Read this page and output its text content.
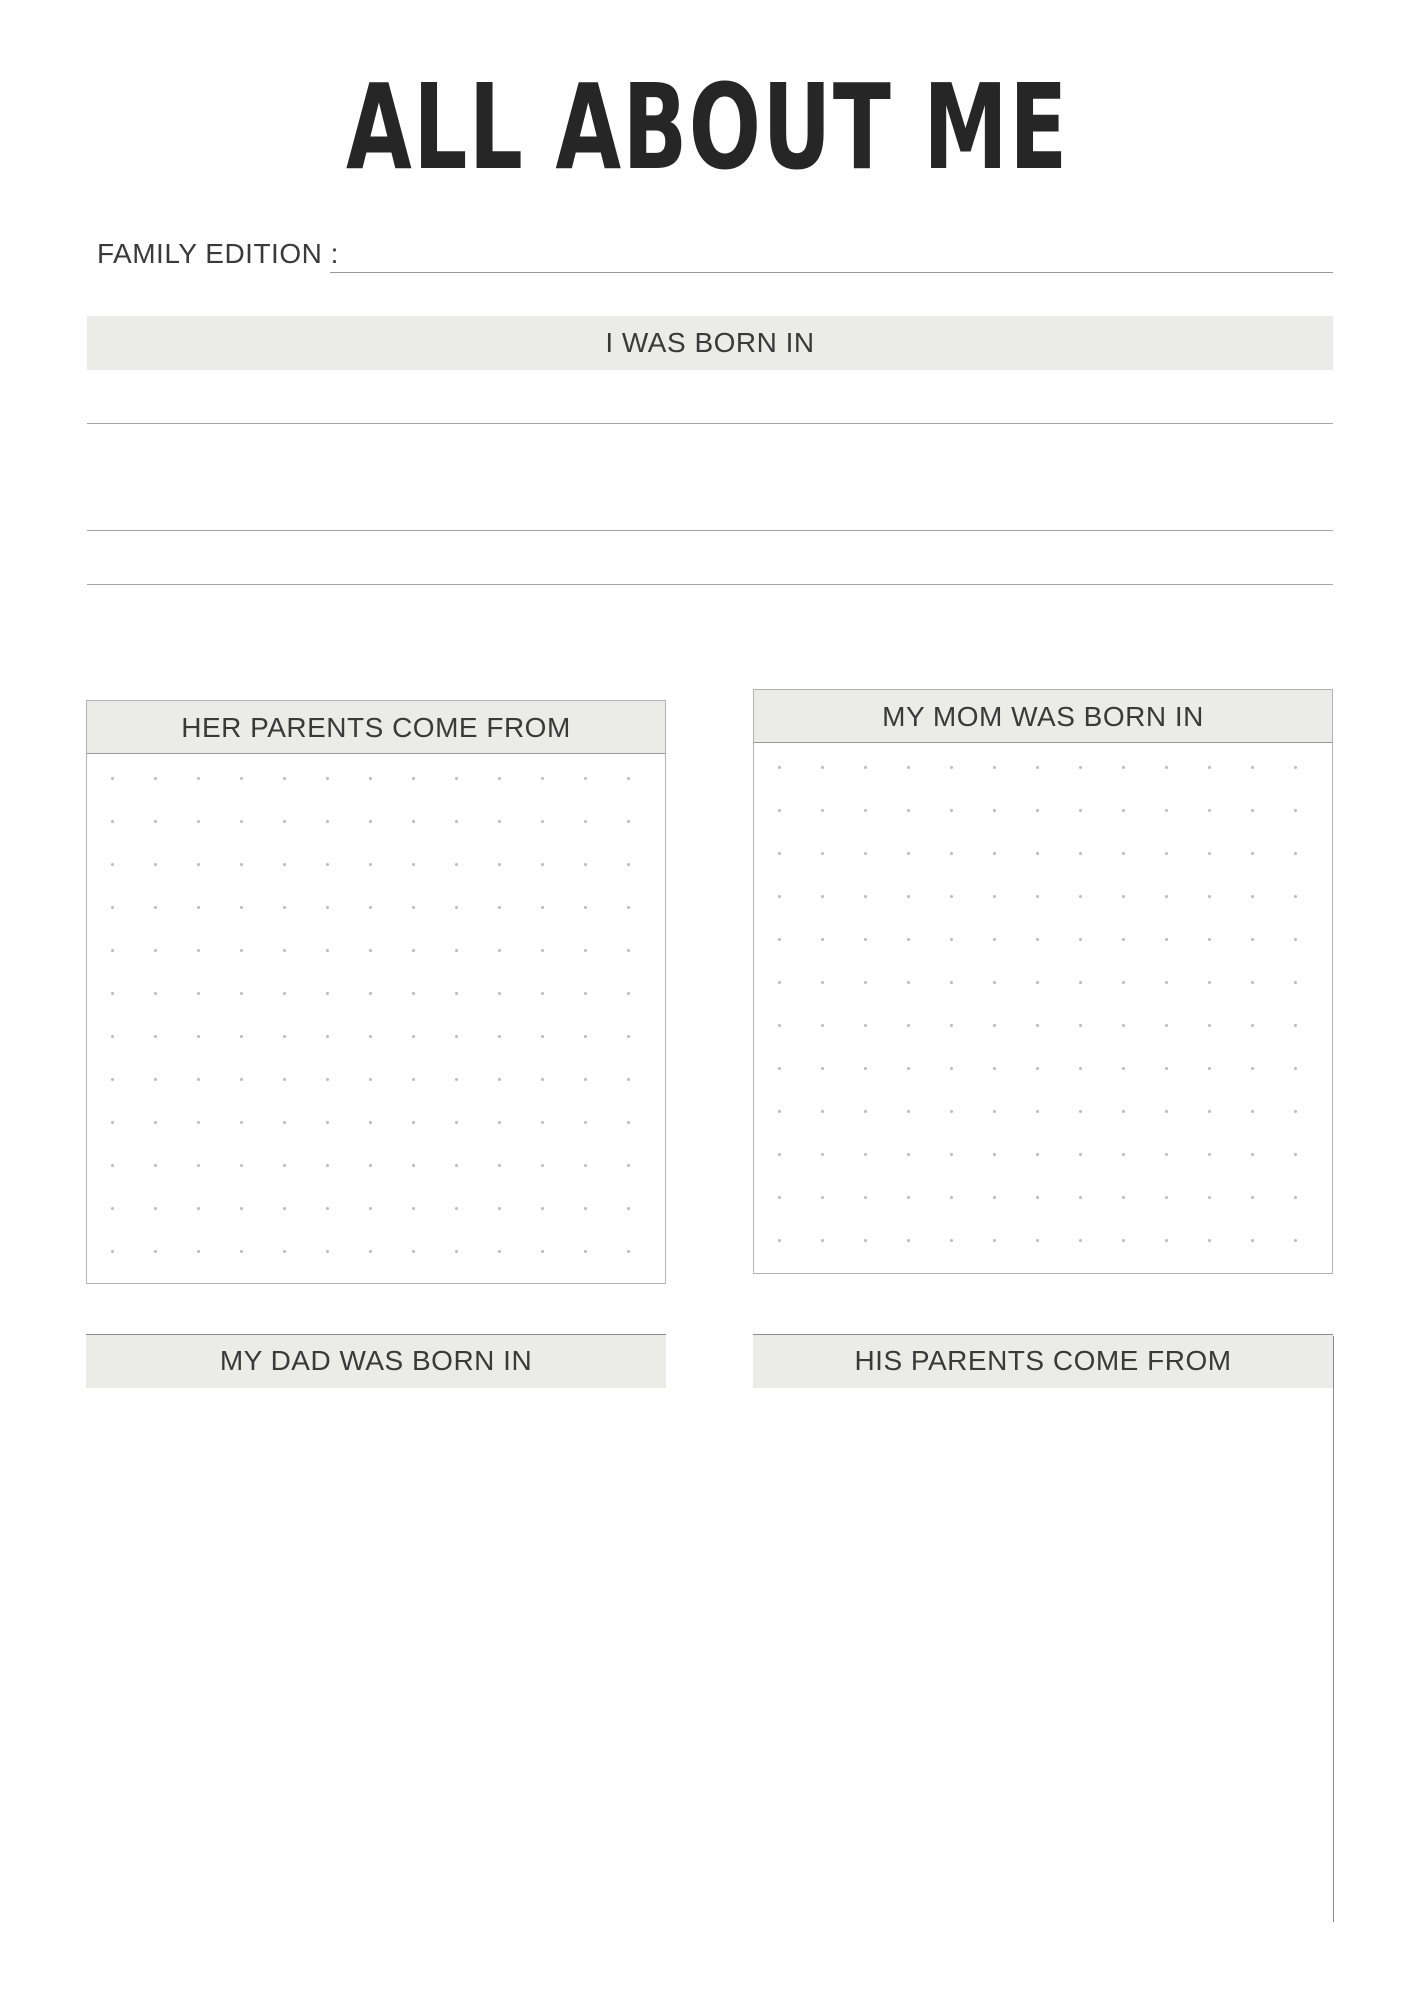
ALL ABOUT ME
FAMILY EDITION :
I WAS BORN IN
HER PARENTS COME FROM	MY MOM WAS BORN IN
MY DAD WAS BORN IN	HIS PARENTS COME FROM
